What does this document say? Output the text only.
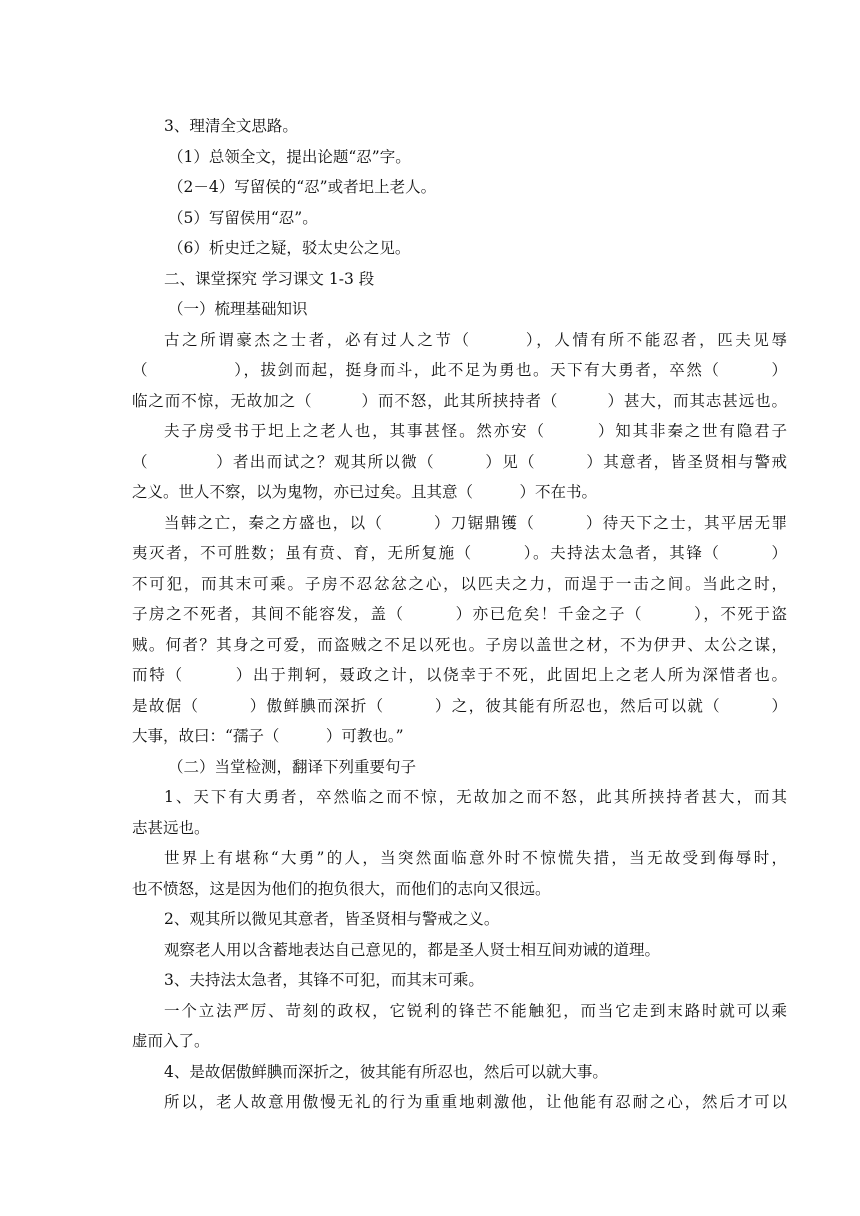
3、理清全文思路。
（1）总领全文，提出论题“忍”字。
（2－4）写留侯的“忍”或者圯上老人。
（5）写留侯用“忍”。
（6）析史迁之疑，驳太史公之见。
二、课堂探究 学习课文 1-3 段
（一）梳理基础知识
古之所谓豪杰之士者，必有过人之节（　　　），人情有所不能忍者，匹夫见辱
（　　　　　），拔剑而起，挺身而斗，此不足为勇也。天下有大勇者，卒然（　　　）
临之而不惊，无故加之（　　　）而不怒，此其所挟持者（　　　）甚大，而其志甚远也。
夫子房受书于圯上之老人也，其事甚怪。然亦安（　　　）知其非秦之世有隐君子
（　　　　）者出而试之？观其所以微（　　　）见（　　　）其意者，皆圣贤相与警戒
之义。世人不察，以为鬼物，亦已过矣。且其意（　　　）不在书。
当韩之亡，秦之方盛也，以（　　　）刀锯鼎镬（　　　）待天下之士，其平居无罪
夷灭者，不可胜数；虽有贲、育，无所复施（　　　）。夫持法太急者，其锋（　　　）
不可犯，而其末可乘。子房不忍忿忿之心，以匹夫之力，而逞于一击之间。当此之时，
子房之不死者，其间不能容发，盖（　　　）亦已危矣！千金之子（　　　），不死于盗
贼。何者？其身之可爱，而盗贼之不足以死也。子房以盖世之材，不为伊尹、太公之谋，
而特（　　　）出于荆轲，聂政之计，以侥幸于不死，此固圯上之老人所为深惜者也。
是故倨（　　　）傲鲜腆而深折（　　　）之，彼其能有所忍也，然后可以就（　　　）
大事，故曰：“孺子（　　　）可教也。”
（二）当堂检测，翻译下列重要句子
1、天下有大勇者，卒然临之而不惊，无故加之而不怒，此其所挟持者甚大，而其
志甚远也。
世界上有堪称“大勇”的人，当突然面临意外时不惊慌失措，当无故受到侮辱时，
也不愤怒，这是因为他们的抱负很大，而他们的志向又很远。
2、观其所以微见其意者，皆圣贤相与警戒之义。
观察老人用以含蓄地表达自己意见的，都是圣人贤士相互间劝诫的道理。
3、夫持法太急者，其锋不可犯，而其末可乘。
一个立法严厉、苛刻的政权，它锐利的锋芒不能触犯，而当它走到末路时就可以乘
虚而入了。
4、是故倨傲鲜腆而深折之，彼其能有所忍也，然后可以就大事。
所以，老人故意用傲慢无礼的行为重重地刺激他，让他能有忍耐之心，然后才可以
